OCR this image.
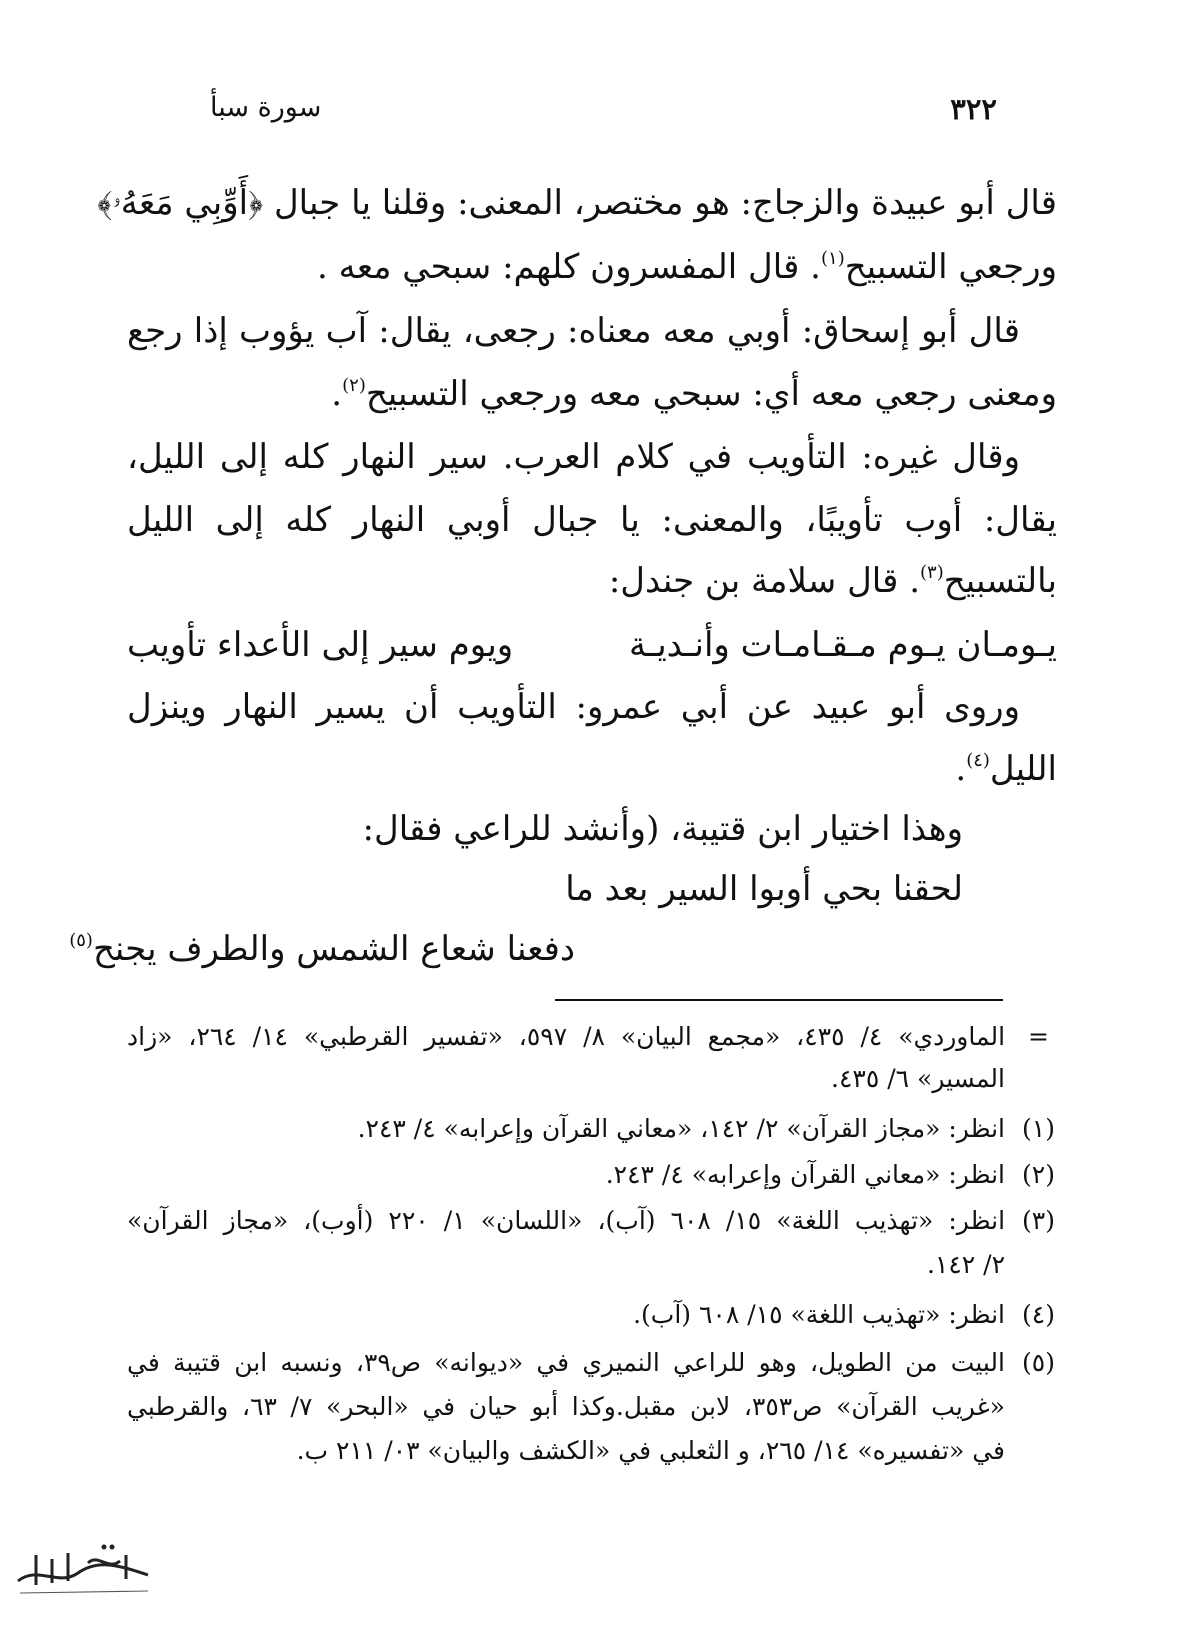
٣٢٢
سورة سبأ
قال أبو عبيدة والزجاج: هو مختصر، المعنى: وقلنا يا جبال ﴿أَوِّبِي مَعَهُۥ﴾
ورجعي التسبيح$^{(١)}$. قال المفسرون كلهم: سبحي معه .
قال أبو إسحاق: أوبي معه معناه: رجعى، يقال: آب يؤوب إذا رجع
ومعنى رجعي معه أي: سبحي معه ورجعي التسبيح$^{(٢)}$.
وقال غيره: التأويب في كلام العرب. سير النهار كله إلى الليل،
يقال: أوب تأويبًا، والمعنى: يا جبال أوبي النهار كله إلى الليل
بالتسبيح$^{(٣)}$. قال سلامة بن جندل:
يـومـان يـوم مـقـامـات وأنـديـة
ويوم سير إلى الأعداء تأويب
وروى أبو عبيد عن أبي عمرو: التأويب أن يسير النهار وينزل
الليل$^{(٤)}$.
وهذا اختيار ابن قتيبة، (وأنشد للراعي فقال:
لحقنا بحي أوبوا السير بعد ما
دفعنا شعاع الشمس والطرف يجنح$^{(٥)}$
=
الماوردي» ٤/ ٤٣٥، «مجمع البيان» ٨/ ٥٩٧، «تفسير القرطبي» ١٤/ ٢٦٤، «زاد
المسير» ٦/ ٤٣٥.
(١)
انظر: «مجاز القرآن» ٢/ ١٤٢، «معاني القرآن وإعرابه» ٤/ ٢٤٣.
(٢)
انظر: «معاني القرآن وإعرابه» ٤/ ٢٤٣.
(٣)
انظر: «تهذيب اللغة» ١٥/ ٦٠٨ (آب)، «اللسان» ١/ ٢٢٠ (أوب)، «مجاز القرآن»
٢/ ١٤٢.
(٤)
انظر: «تهذيب اللغة» ١٥/ ٦٠٨ (آب).
(٥)
البيت من الطويل، وهو للراعي النميري في «ديوانه» ص٣٩، ونسبه ابن قتيبة في
«غريب القرآن» ص٣٥٣، لابن مقبل.وكذا أبو حيان في «البحر» ٧/ ٦٣، والقرطبي
في «تفسيره» ١٤/ ٢٦٥، و الثعلبي في «الكشف والبيان» ٠٣/ ٢١١ ب.
